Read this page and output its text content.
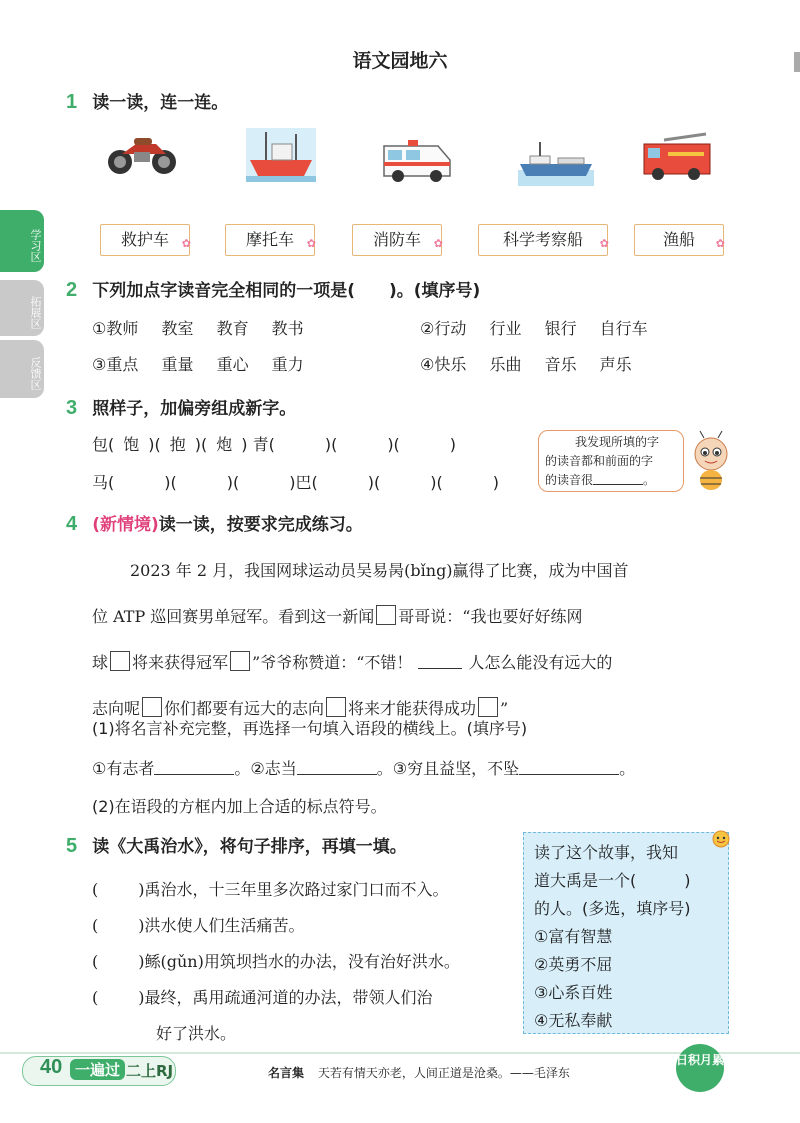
语文园地六
学习区
拓展区
反馈区
1 读一读，连一连。
救护车 ✿	摩托车 ✿	消防车 ✿	科学考察船 ✿	渔船 ✿
2 下列加点字读音完全相同的一项是(　　)。(填序号)
①教师 教室 教育 教书	②行动 行业 银行 自行车
③重点 重量 重心 重力	④快乐 乐曲 音乐 声乐
3 照样子，加偏旁组成新字。
包( 饱 )( 抱 )( 炮 ) 青(	)(	)(	)
马(	)(	)(	)巴(	)(	)(	)
我发现所填的字
的读音都和前面的字
的读音很	。
4 (新情境)读一读，按要求完成练习。
2023 年 2 月，我国网球运动员吴易昺(bǐng)赢得了比赛，成为中国首
位 ATP 巡回赛男单冠军。看到这一新闻 哥哥说：“我也要好好练网
球 将来获得冠军 ”爷爷称赞道：“不错！	人怎么能没有远大的
志向呢 你们都要有远大的志向 将来才能获得成功 ”
(1)将名言补充完整，再选择一句填入语段的横线上。(填序号)
①有志者	。②志当	。③穷且益坚，不坠	。
(2)在语段的方框内加上合适的标点符号。
5 读《大禹治水》，将句子排序，再填一填。
(	)禹治水，十三年里多次路过家门口而不入。
(	)洪水使人们生活痛苦。
(	)鲧(gǔn)用筑坝挡水的办法，没有治好洪水。
(	)最终，禹用疏通河道的办法，带领人们治
好了洪水。
读了这个故事，我知
道大禹是一个(　　　)
的人。(多选，填序号)
①富有智慧
②英勇不屈
③心系百姓
④无私奉献
40 一遍过 二上RJ	名言集 天若有情天亦老，人间正道是沧桑。——毛泽东
日积月累
